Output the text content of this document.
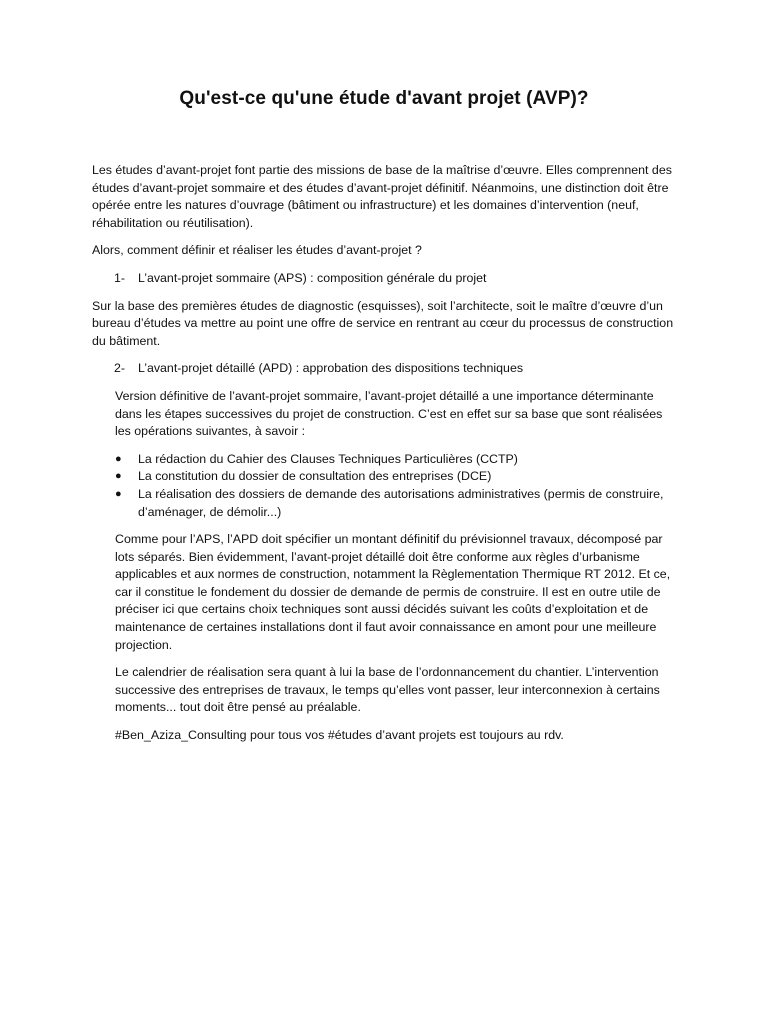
Qu'est-ce qu'une étude d'avant projet (AVP)?

Les études d’avant-projet font partie des missions de base de la maîtrise d’œuvre. Elles comprennent des études d’avant-projet sommaire et des études d’avant-projet définitif. Néanmoins, une distinction doit être opérée entre les natures d’ouvrage (bâtiment ou infrastructure) et les domaines d’intervention (neuf, réhabilitation ou réutilisation).

Alors, comment définir et réaliser les études d’avant-projet ?

1-	L’avant-projet sommaire (APS) : composition générale du projet

Sur la base des premières études de diagnostic (esquisses), soit l’architecte, soit le maître d’œuvre d’un bureau d’études va mettre au point une offre de service en rentrant au cœur du processus de construction du bâtiment.

2-	L’avant-projet détaillé (APD) : approbation des dispositions techniques

Version définitive de l’avant-projet sommaire, l’avant-projet détaillé a une importance déterminante dans les étapes successives du projet de construction. C’est en effet sur sa base que sont réalisées les opérations suivantes, à savoir :

●	La rédaction du Cahier des Clauses Techniques Particulières (CCTP)
●	La constitution du dossier de consultation des entreprises (DCE)
●	La réalisation des dossiers de demande des autorisations administratives (permis de construire, d’aménager, de démolir...)

Comme pour l’APS, l’APD doit spécifier un montant définitif du prévisionnel travaux, décomposé par lots séparés. Bien évidemment, l’avant-projet détaillé doit être conforme aux règles d’urbanisme applicables et aux normes de construction, notamment la Règlementation Thermique RT 2012. Et ce, car il constitue le fondement du dossier de demande de permis de construire. Il est en outre utile de préciser ici que certains choix techniques sont aussi décidés suivant les coûts d’exploitation et de maintenance de certaines installations dont il faut avoir connaissance en amont pour une meilleure projection.

Le calendrier de réalisation sera quant à lui la base de l’ordonnancement du chantier. L’intervention successive des entreprises de travaux, le temps qu’elles vont passer, leur interconnexion à certains moments... tout doit être pensé au préalable.

#Ben_Aziza_Consulting pour tous vos #études d’avant projets est toujours au rdv.
